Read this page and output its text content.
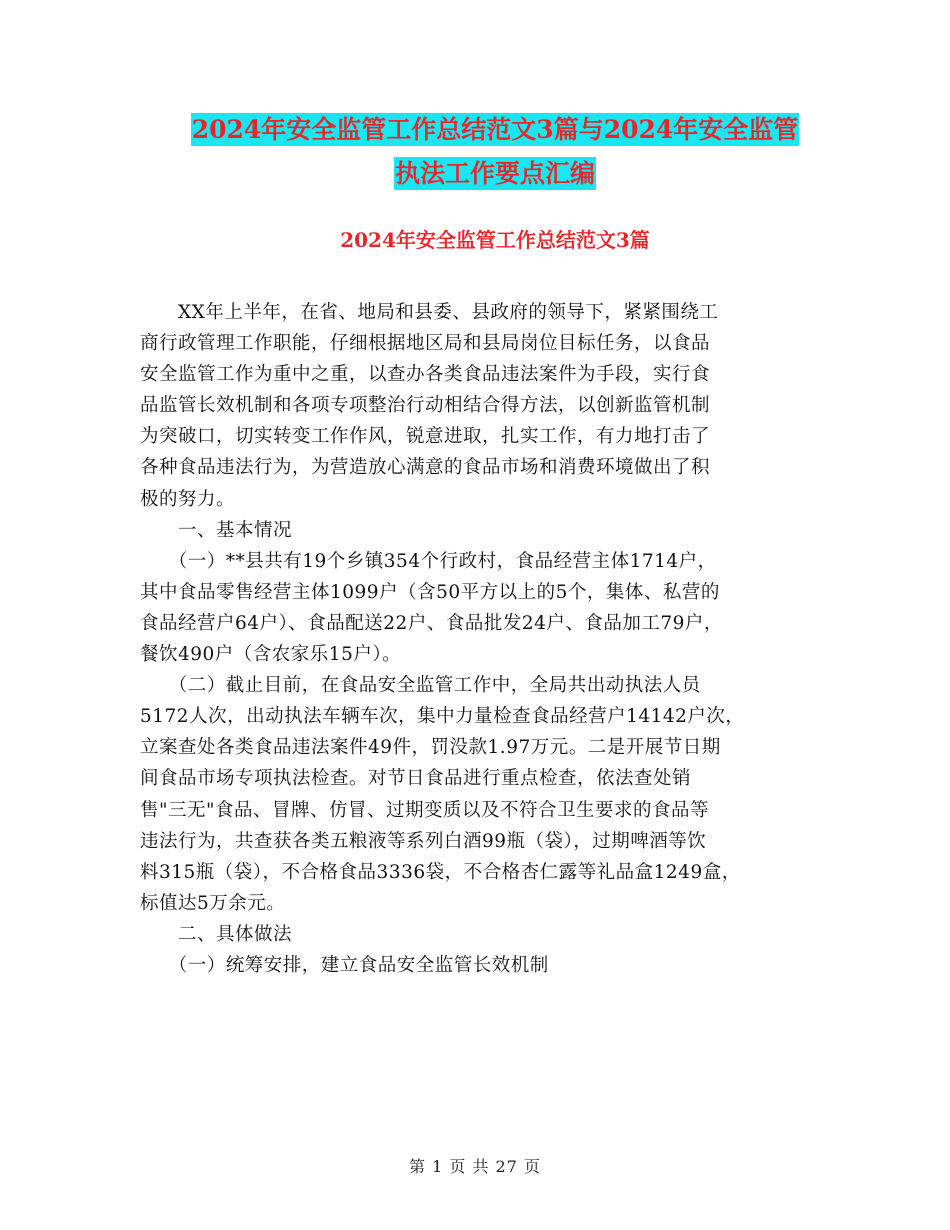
2024年安全监管工作总结范文3篇与2024年安全监管
执法工作要点汇编
2024年安全监管工作总结范文3篇
　　XX年上半年，在省、地局和县委、县政府的领导下，紧紧围绕工
商行政管理工作职能，仔细根据地区局和县局岗位目标任务，以食品
安全监管工作为重中之重，以查办各类食品违法案件为手段，实行食
品监管长效机制和各项专项整治行动相结合得方法，以创新监管机制
为突破口，切实转变工作作风，锐意进取，扎实工作，有力地打击了
各种食品违法行为，为营造放心满意的食品市场和消费环境做出了积
极的努力。
　　一、基本情况
　　（一）**县共有19个乡镇354个行政村，食品经营主体1714户，
其中食品零售经营主体1099户（含50平方以上的5个，集体、私营的
食品经营户64户）、食品配送22户、食品批发24户、食品加工79户，
餐饮490户（含农家乐15户）。
　　（二）截止目前，在食品安全监管工作中，全局共出动执法人员
5172人次，出动执法车辆车次，集中力量检查食品经营户14142户次，
立案查处各类食品违法案件49件，罚没款1.97万元。二是开展节日期
间食品市场专项执法检查。对节日食品进行重点检查，依法查处销
售"三无"食品、冒牌、仿冒、过期变质以及不符合卫生要求的食品等
违法行为，共查获各类五粮液等系列白酒99瓶（袋），过期啤酒等饮
料315瓶（袋），不合格食品3336袋，不合格杏仁露等礼品盒1249盒，
标值达5万余元。
　　二、具体做法
　　（一）统筹安排，建立食品安全监管长效机制
第 1 页 共 27 页
